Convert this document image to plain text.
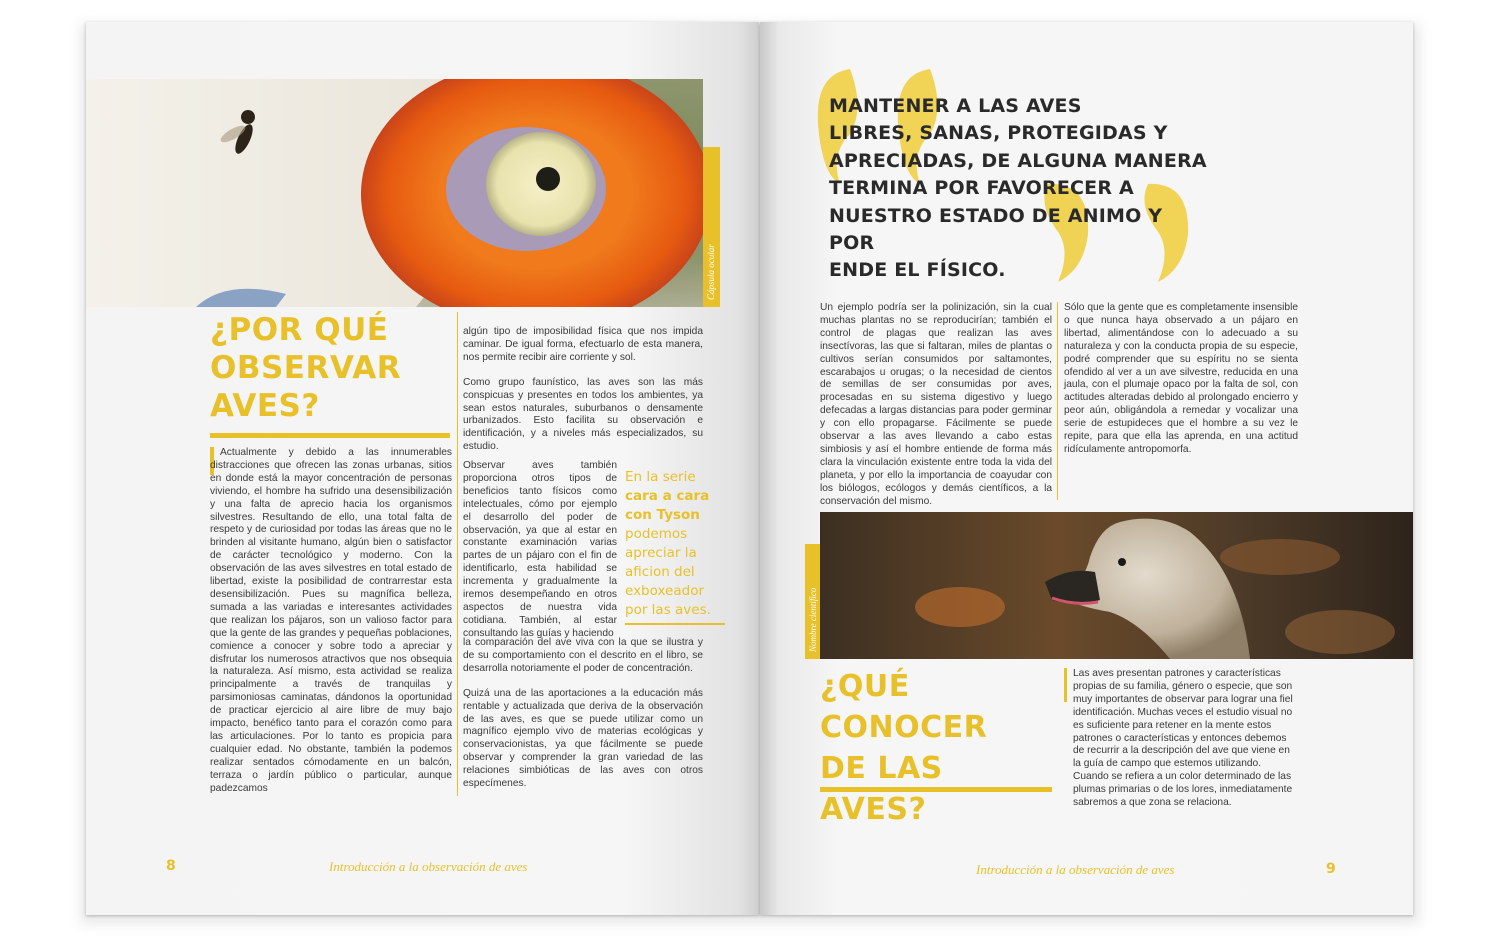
Cápsula ocular
¿POR QUÉ
OBSERVAR
AVES?
Actualmente y debido a las innumerables distracciones que ofrecen las zonas urbanas, sitios en donde está la mayor concentración de personas viviendo, el hombre ha sufrido una desensibilización y una falta de aprecio hacia los organismos silvestres. Resultando de ello, una total falta de respeto y de curiosidad por todas las áreas que no le brinden al visitante humano, algún bien o satisfactor de carácter tecnológico y moderno. Con la observación de las aves silvestres en total estado de libertad, existe la posibilidad de contrarrestar esta desensibilización. Pues su magnífica belleza, sumada a las variadas e interesantes actividades que realizan los pájaros, son un valioso factor para que la gente de las grandes y pequeñas poblaciones, comience a conocer y sobre todo a apreciar y disfrutar los numerosos atractivos que nos obsequia la naturaleza. Así mismo, esta actividad se realiza principalmente a través de tranquilas y parsimoniosas caminatas, dándonos la oportunidad de practicar ejercicio al aire libre de muy bajo impacto, benéfico tanto para el corazón como para las articulaciones. Por lo tanto es propicia para cualquier edad. No obstante, también la podemos realizar sentados cómodamente en un balcón, terraza o jardín público o particular, aunque padezcamos

algún tipo de imposibilidad física que nos impida caminar. De igual forma, efectuarlo de esta manera, nos permite recibir aire corriente y sol.

Como grupo faunístico, las aves son las más conspicuas y presentes en todos los ambientes, ya sean estos naturales, suburbanos o densamente urbanizados. Esto facilita su observación e identificación, y a niveles más especializados, su estudio.

Observar aves también proporciona otros tipos de beneficios tanto físicos como intelectuales, cómo por ejemplo el desarrollo del poder de observación, ya que al estar en constante examinación varias partes de un pájaro con el fin de identificarlo, esta habilidad se incrementa y gradualmente la iremos desempeñando en otros aspectos de nuestra vida cotidiana. También, al estar consultando las guías y haciendo

la comparación del ave viva con la que se ilustra y de su comportamiento con el descrito en el libro, se desarrolla notoriamente el poder de concentración.

Quizá una de las aportaciones a la educación más rentable y actualizada que deriva de la observación de las aves, es que se puede utilizar como un magnífico ejemplo vivo de materias ecológicas y conservacionistas, ya que fácilmente se puede observar y comprender la gran variedad de las relaciones simbióticas de las aves con otros especímenes.

En la serie
cara a cara
con Tyson
podemos
apreciar la
aficion del
exboxeador
por las aves.
8	Introducción a la observación de aves
MANTENER A LAS AVES
LIBRES, SANAS, PROTEGIDAS Y
APRECIADAS, DE ALGUNA MANERA
TERMINA POR FAVORECER A
NUESTRO ESTADO DE ANIMO Y POR
ENDE EL FÍSICO.
Un ejemplo podría ser la polinización, sin la cual muchas plantas no se reproducirían; también el control de plagas que realizan las aves insectívoras, las que si faltaran, miles de plantas o cultivos serían consumidos por saltamontes, escarabajos u orugas; o la necesidad de cientos de semillas de ser consumidas por aves, procesadas en su sistema digestivo y luego defecadas a largas distancias para poder germinar y con ello propagarse. Fácilmente se puede observar a las aves llevando a cabo estas simbiosis y así el hombre entiende de forma más clara la vinculación existente entre toda la vida del planeta, y por ello la importancia de coayudar con los biólogos, ecólogos y demás científicos, a la conservación del mismo.
Sólo que la gente que es completamente insensible o que nunca haya observado a un pájaro en libertad, alimentándose con lo adecuado a su naturaleza y con la conducta propia de su especie, podré comprender que su espíritu no se sienta ofendido al ver a un ave silvestre, reducida en una jaula, con el plumaje opaco por la falta de sol, con actitudes alteradas debido al prolongado encierro y peor aún, obligándola a remedar y vocalizar una serie de estupideces que el hombre a su vez le repite, para que ella las aprenda, en una actitud ridículamente antropomorfa.
Nombre científico
¿QUÉ
CONOCER
DE LAS AVES?
Las aves presentan patrones y características propias de su familia, género o especie, que son muy importantes de observar para lograr una fiel identificación. Muchas veces el estudio visual no es suficiente para retener en la mente estos patrones o características y entonces debemos de recurrir a la descripción del ave que viene en la guía de campo que estemos utilizando. Cuando se refiera a un color determinado de las plumas primarias o de los lores, inmediatamente sabremos a que zona se relaciona.
Introducción a la observación de aves	9
